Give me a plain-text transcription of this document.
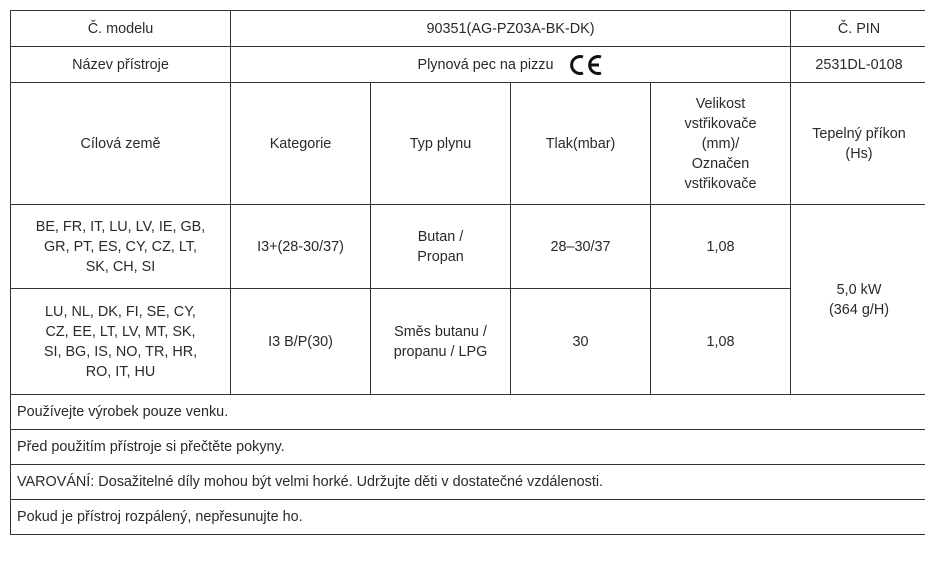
Č. modelu	90351(AG-PZ03A-BK-DK)				Č. PIN
Název přístroje	Plynová pec na pizzu				2531DL-0108

Cílová země	Kategorie	Typ plynu	Tlak(mbar)	Velikost
vstřikovače
(mm)/
Označen
vstřikovače	Tepelný příkon
(Hs)

BE, FR, IT, LU, LV, IE, GB,
GR, PT, ES, CY, CZ, LT,
SK, CH, SI	I3+(28-30/37)	Butan /
Propan	28–30/37	1,08	5,0 kW
(364 g/H)

LU, NL, DK, FI, SE, CY,
CZ, EE, LT, LV, MT, SK,
SI, BG, IS, NO, TR, HR,
RO, IT, HU	I3 B/P(30)	Směs butanu /
propanu / LPG	30	1,08	

Používejte výrobek pouze venku.					
Před použitím přístroje si přečtěte pokyny.					
VAROVÁNÍ: Dosažitelné díly mohou být velmi horké. Udržujte děti v dostatečné vzdálenosti.					
Pokud je přístroj rozpálený, nepřesunujte ho.					
